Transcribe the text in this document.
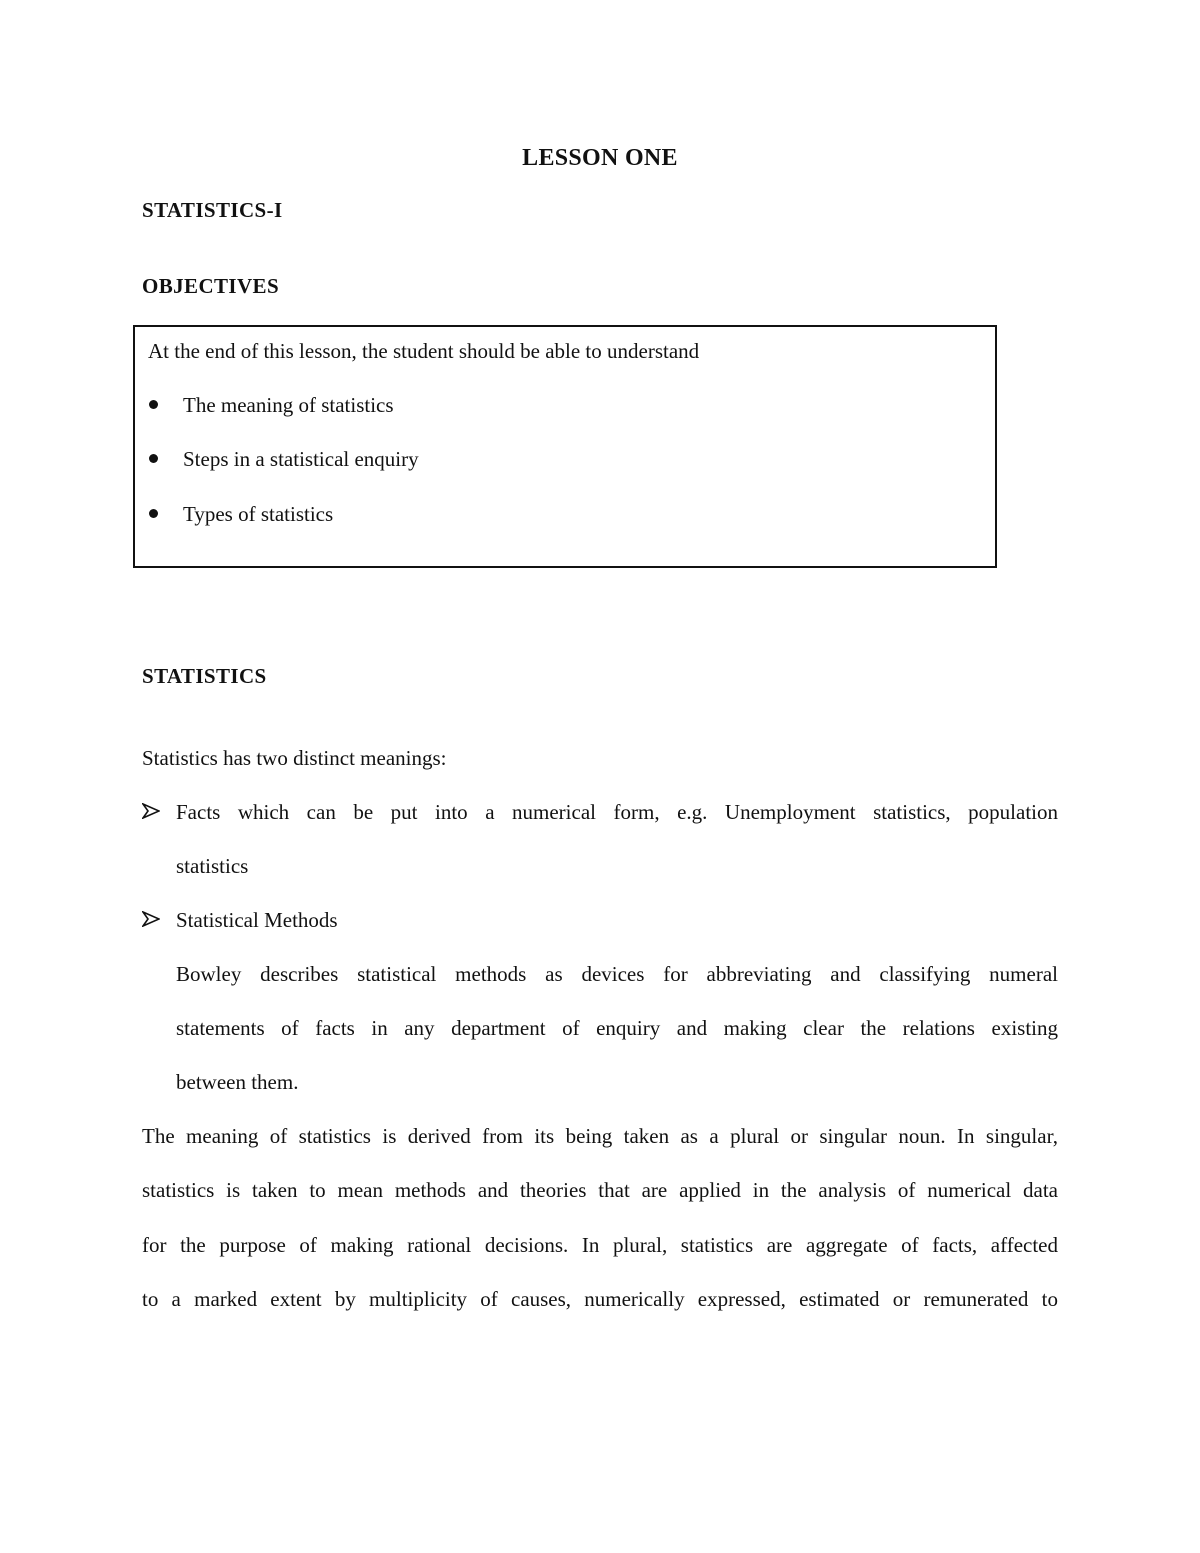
LESSON ONE
STATISTICS-I
OBJECTIVES
At the end of this lesson, the student should be able to understand
The meaning of statistics
Steps in a statistical enquiry
Types of statistics
STATISTICS
Statistics has two distinct meanings:
Facts which can be put into a numerical form, e.g. Unemployment statistics, population
statistics
Statistical Methods
Bowley describes statistical methods as devices for abbreviating and classifying numeral
statements of facts in any department of enquiry and making clear the relations existing
between them.
The meaning of statistics is derived from its being taken as a plural or singular noun. In singular,
statistics is taken to mean methods and theories that are applied in the analysis of numerical data
for the purpose of making rational decisions. In plural, statistics are aggregate of facts, affected
to a marked extent by multiplicity of causes, numerically expressed, estimated or remunerated to
